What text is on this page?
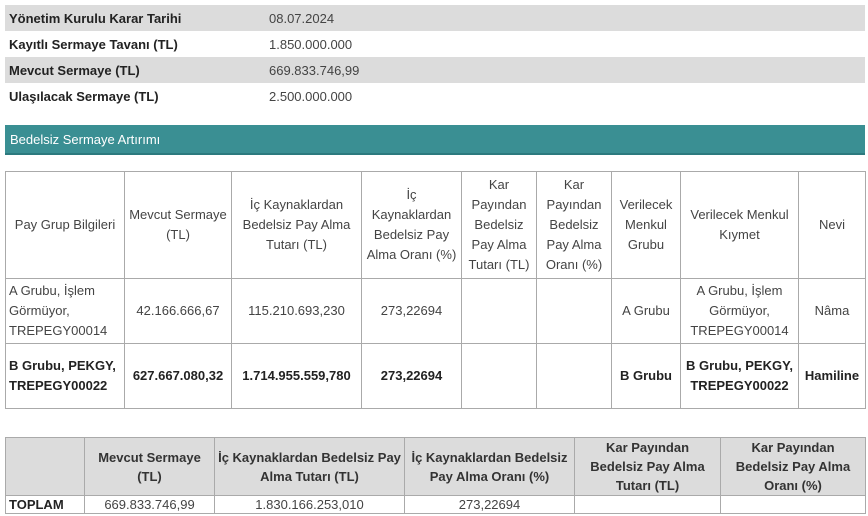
Yönetim Kurulu Karar Tarihi	08.07.2024
Kayıtlı Sermaye Tavanı (TL)	1.850.000.000
Mevcut Sermaye (TL)	669.833.746,99
Ulaşılacak Sermaye (TL)	2.500.000.000
Bedelsiz Sermaye Artırımı
Pay Grup Bilgileri	Mevcut Sermaye (TL)	İç Kaynaklardan Bedelsiz Pay Alma Tutarı (TL)	İç Kaynaklardan Bedelsiz Pay Alma Oranı (%)	Kar Payından Bedelsiz Pay Alma Tutarı (TL)	Kar Payından Bedelsiz Pay Alma Oranı (%)	Verilecek Menkul Grubu	Verilecek Menkul Kıymet	Nevi
A Grubu, İşlem Görmüyor, TREPEGY00014	42.166.666,67	115.210.693,230	273,22694			A Grubu	A Grubu, İşlem Görmüyor, TREPEGY00014	Nâma
B Grubu, PEKGY, TREPEGY00022	627.667.080,32	1.714.955.559,780	273,22694			B Grubu	B Grubu, PEKGY, TREPEGY00022	Hamiline
	Mevcut Sermaye (TL)	İç Kaynaklardan Bedelsiz Pay Alma Tutarı (TL)	İç Kaynaklardan Bedelsiz Pay Alma Oranı (%)	Kar Payından Bedelsiz Pay Alma Tutarı (TL)	Kar Payından Bedelsiz Pay Alma Oranı (%)
TOPLAM	669.833.746,99	1.830.166.253,010	273,22694		
